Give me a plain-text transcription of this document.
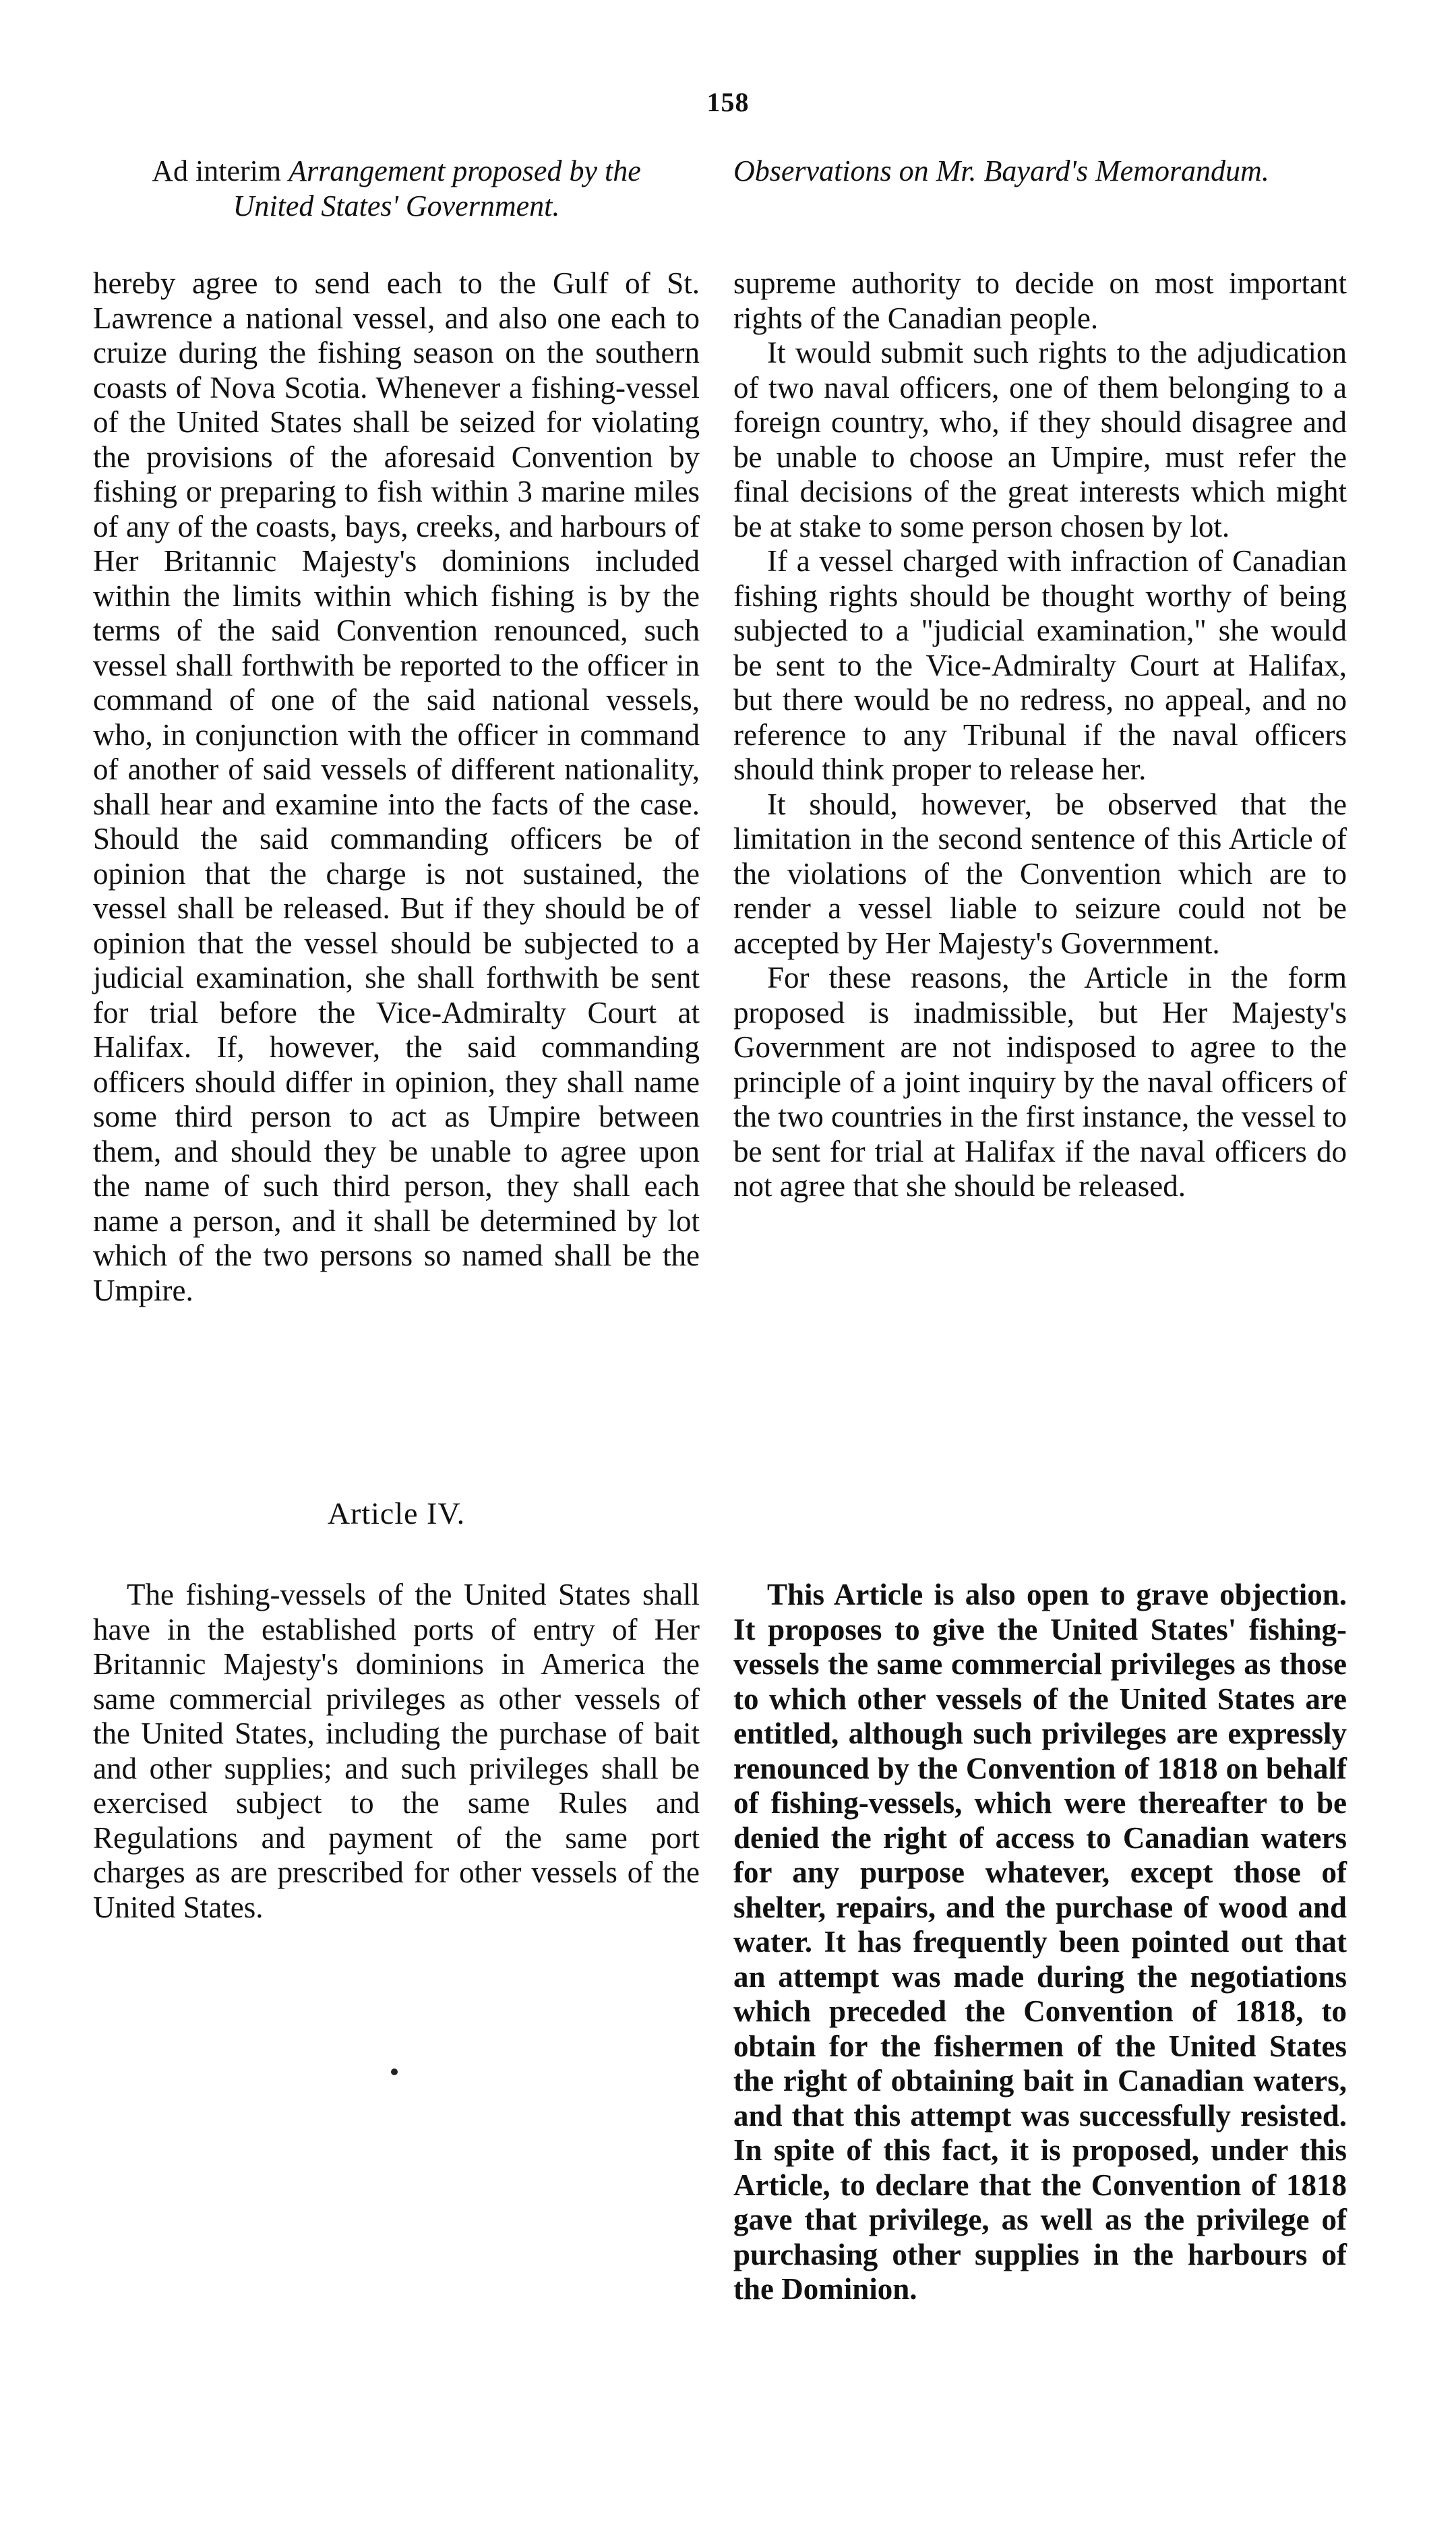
158
Ad interim Arrangement proposed by the
United States' Government.
Observations on Mr. Bayard's Memorandum.

hereby agree to send each to the Gulf of St. Lawrence a national vessel, and also one each to cruize during the fishing season on the southern coasts of Nova Scotia. Whenever a fishing-vessel of the United States shall be seized for violating the provisions of the aforesaid Convention by fishing or preparing to fish within 3 marine miles of any of the coasts, bays, creeks, and harbours of Her Britannic Majesty's dominions included within the limits within which fishing is by the terms of the said Convention renounced, such vessel shall forthwith be reported to the officer in command of one of the said national vessels, who, in conjunction with the officer in command of another of said vessels of different nationality, shall hear and examine into the facts of the case. Should the said commanding officers be of opinion that the charge is not sustained, the vessel shall be released. But if they should be of opinion that the vessel should be subjected to a judicial examination, she shall forthwith be sent for trial before the Vice-Admiralty Court at Halifax. If, however, the said commanding officers should differ in opinion, they shall name some third person to act as Umpire between them, and should they be unable to agree upon the name of such third person, they shall each name a person, and it shall be determined by lot which of the two persons so named shall be the Umpire.

supreme authority to decide on most important rights of the Canadian people.

It would submit such rights to the adjudication of two naval officers, one of them belonging to a foreign country, who, if they should disagree and be unable to choose an Umpire, must refer the final decisions of the great interests which might be at stake to some person chosen by lot.

If a vessel charged with infraction of Canadian fishing rights should be thought worthy of being subjected to a "judicial examination," she would be sent to the Vice-Admiralty Court at Halifax, but there would be no redress, no appeal, and no reference to any Tribunal if the naval officers should think proper to release her.

It should, however, be observed that the limitation in the second sentence of this Article of the violations of the Convention which are to render a vessel liable to seizure could not be accepted by Her Majesty's Government.

For these reasons, the Article in the form proposed is inadmissible, but Her Majesty's Government are not indisposed to agree to the principle of a joint inquiry by the naval officers of the two countries in the first instance, the vessel to be sent for trial at Halifax if the naval officers do not agree that she should be released.

Article IV.

The fishing-vessels of the United States shall have in the established ports of entry of Her Britannic Majesty's dominions in America the same commercial privileges as other vessels of the United States, including the purchase of bait and other supplies; and such privileges shall be exercised subject to the same Rules and Regulations and payment of the same port charges as are prescribed for other vessels of the United States.

This Article is also open to grave objection. It proposes to give the United States' fishing-vessels the same commercial privileges as those to which other vessels of the United States are entitled, although such privileges are expressly renounced by the Convention of 1818 on behalf of fishing-vessels, which were thereafter to be denied the right of access to Canadian waters for any purpose whatever, except those of shelter, repairs, and the purchase of wood and water. It has frequently been pointed out that an attempt was made during the negotiations which preceded the Convention of 1818, to obtain for the fishermen of the United States the right of obtaining bait in Canadian waters, and that this attempt was successfully resisted. In spite of this fact, it is proposed, under this Article, to declare that the Convention of 1818 gave that privilege, as well as the privilege of purchasing other supplies in the harbours of the Dominion.
